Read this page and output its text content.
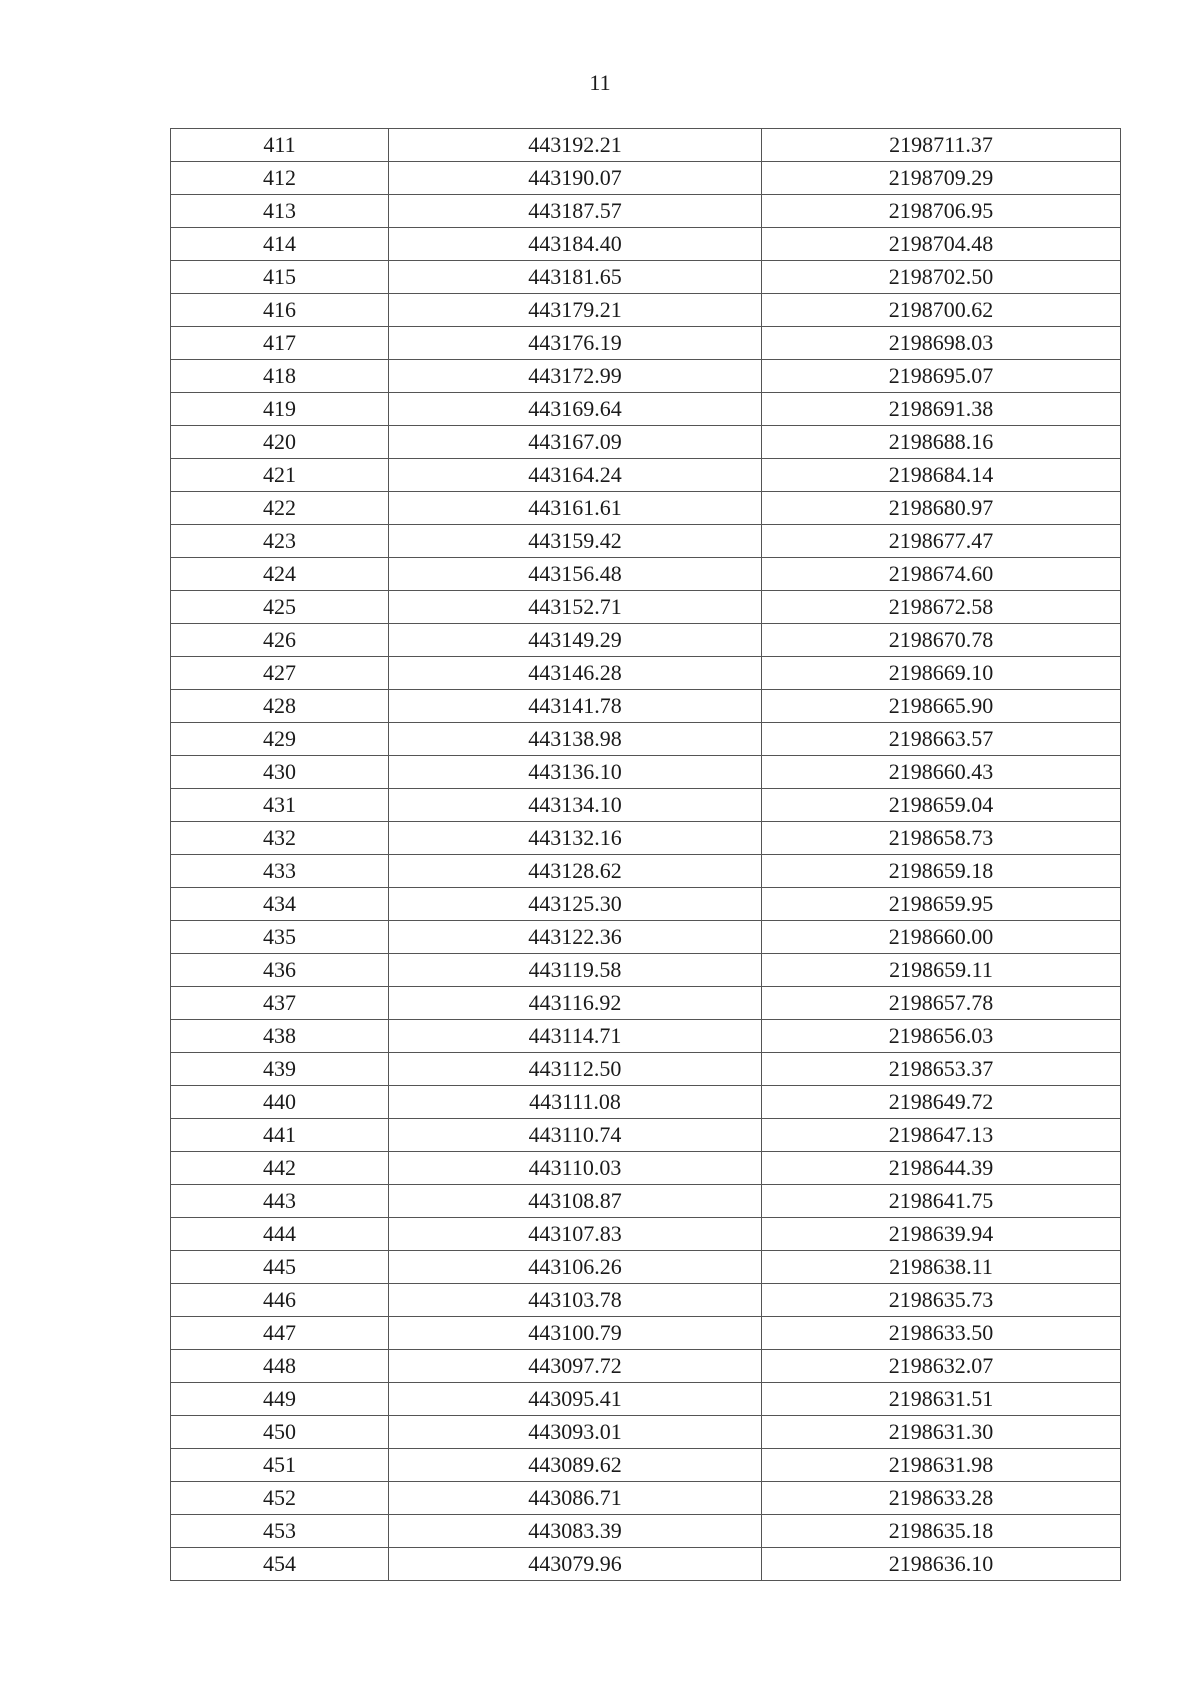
11
411	443192.21	2198711.37
412	443190.07	2198709.29
413	443187.57	2198706.95
414	443184.40	2198704.48
415	443181.65	2198702.50
416	443179.21	2198700.62
417	443176.19	2198698.03
418	443172.99	2198695.07
419	443169.64	2198691.38
420	443167.09	2198688.16
421	443164.24	2198684.14
422	443161.61	2198680.97
423	443159.42	2198677.47
424	443156.48	2198674.60
425	443152.71	2198672.58
426	443149.29	2198670.78
427	443146.28	2198669.10
428	443141.78	2198665.90
429	443138.98	2198663.57
430	443136.10	2198660.43
431	443134.10	2198659.04
432	443132.16	2198658.73
433	443128.62	2198659.18
434	443125.30	2198659.95
435	443122.36	2198660.00
436	443119.58	2198659.11
437	443116.92	2198657.78
438	443114.71	2198656.03
439	443112.50	2198653.37
440	443111.08	2198649.72
441	443110.74	2198647.13
442	443110.03	2198644.39
443	443108.87	2198641.75
444	443107.83	2198639.94
445	443106.26	2198638.11
446	443103.78	2198635.73
447	443100.79	2198633.50
448	443097.72	2198632.07
449	443095.41	2198631.51
450	443093.01	2198631.30
451	443089.62	2198631.98
452	443086.71	2198633.28
453	443083.39	2198635.18
454	443079.96	2198636.10
